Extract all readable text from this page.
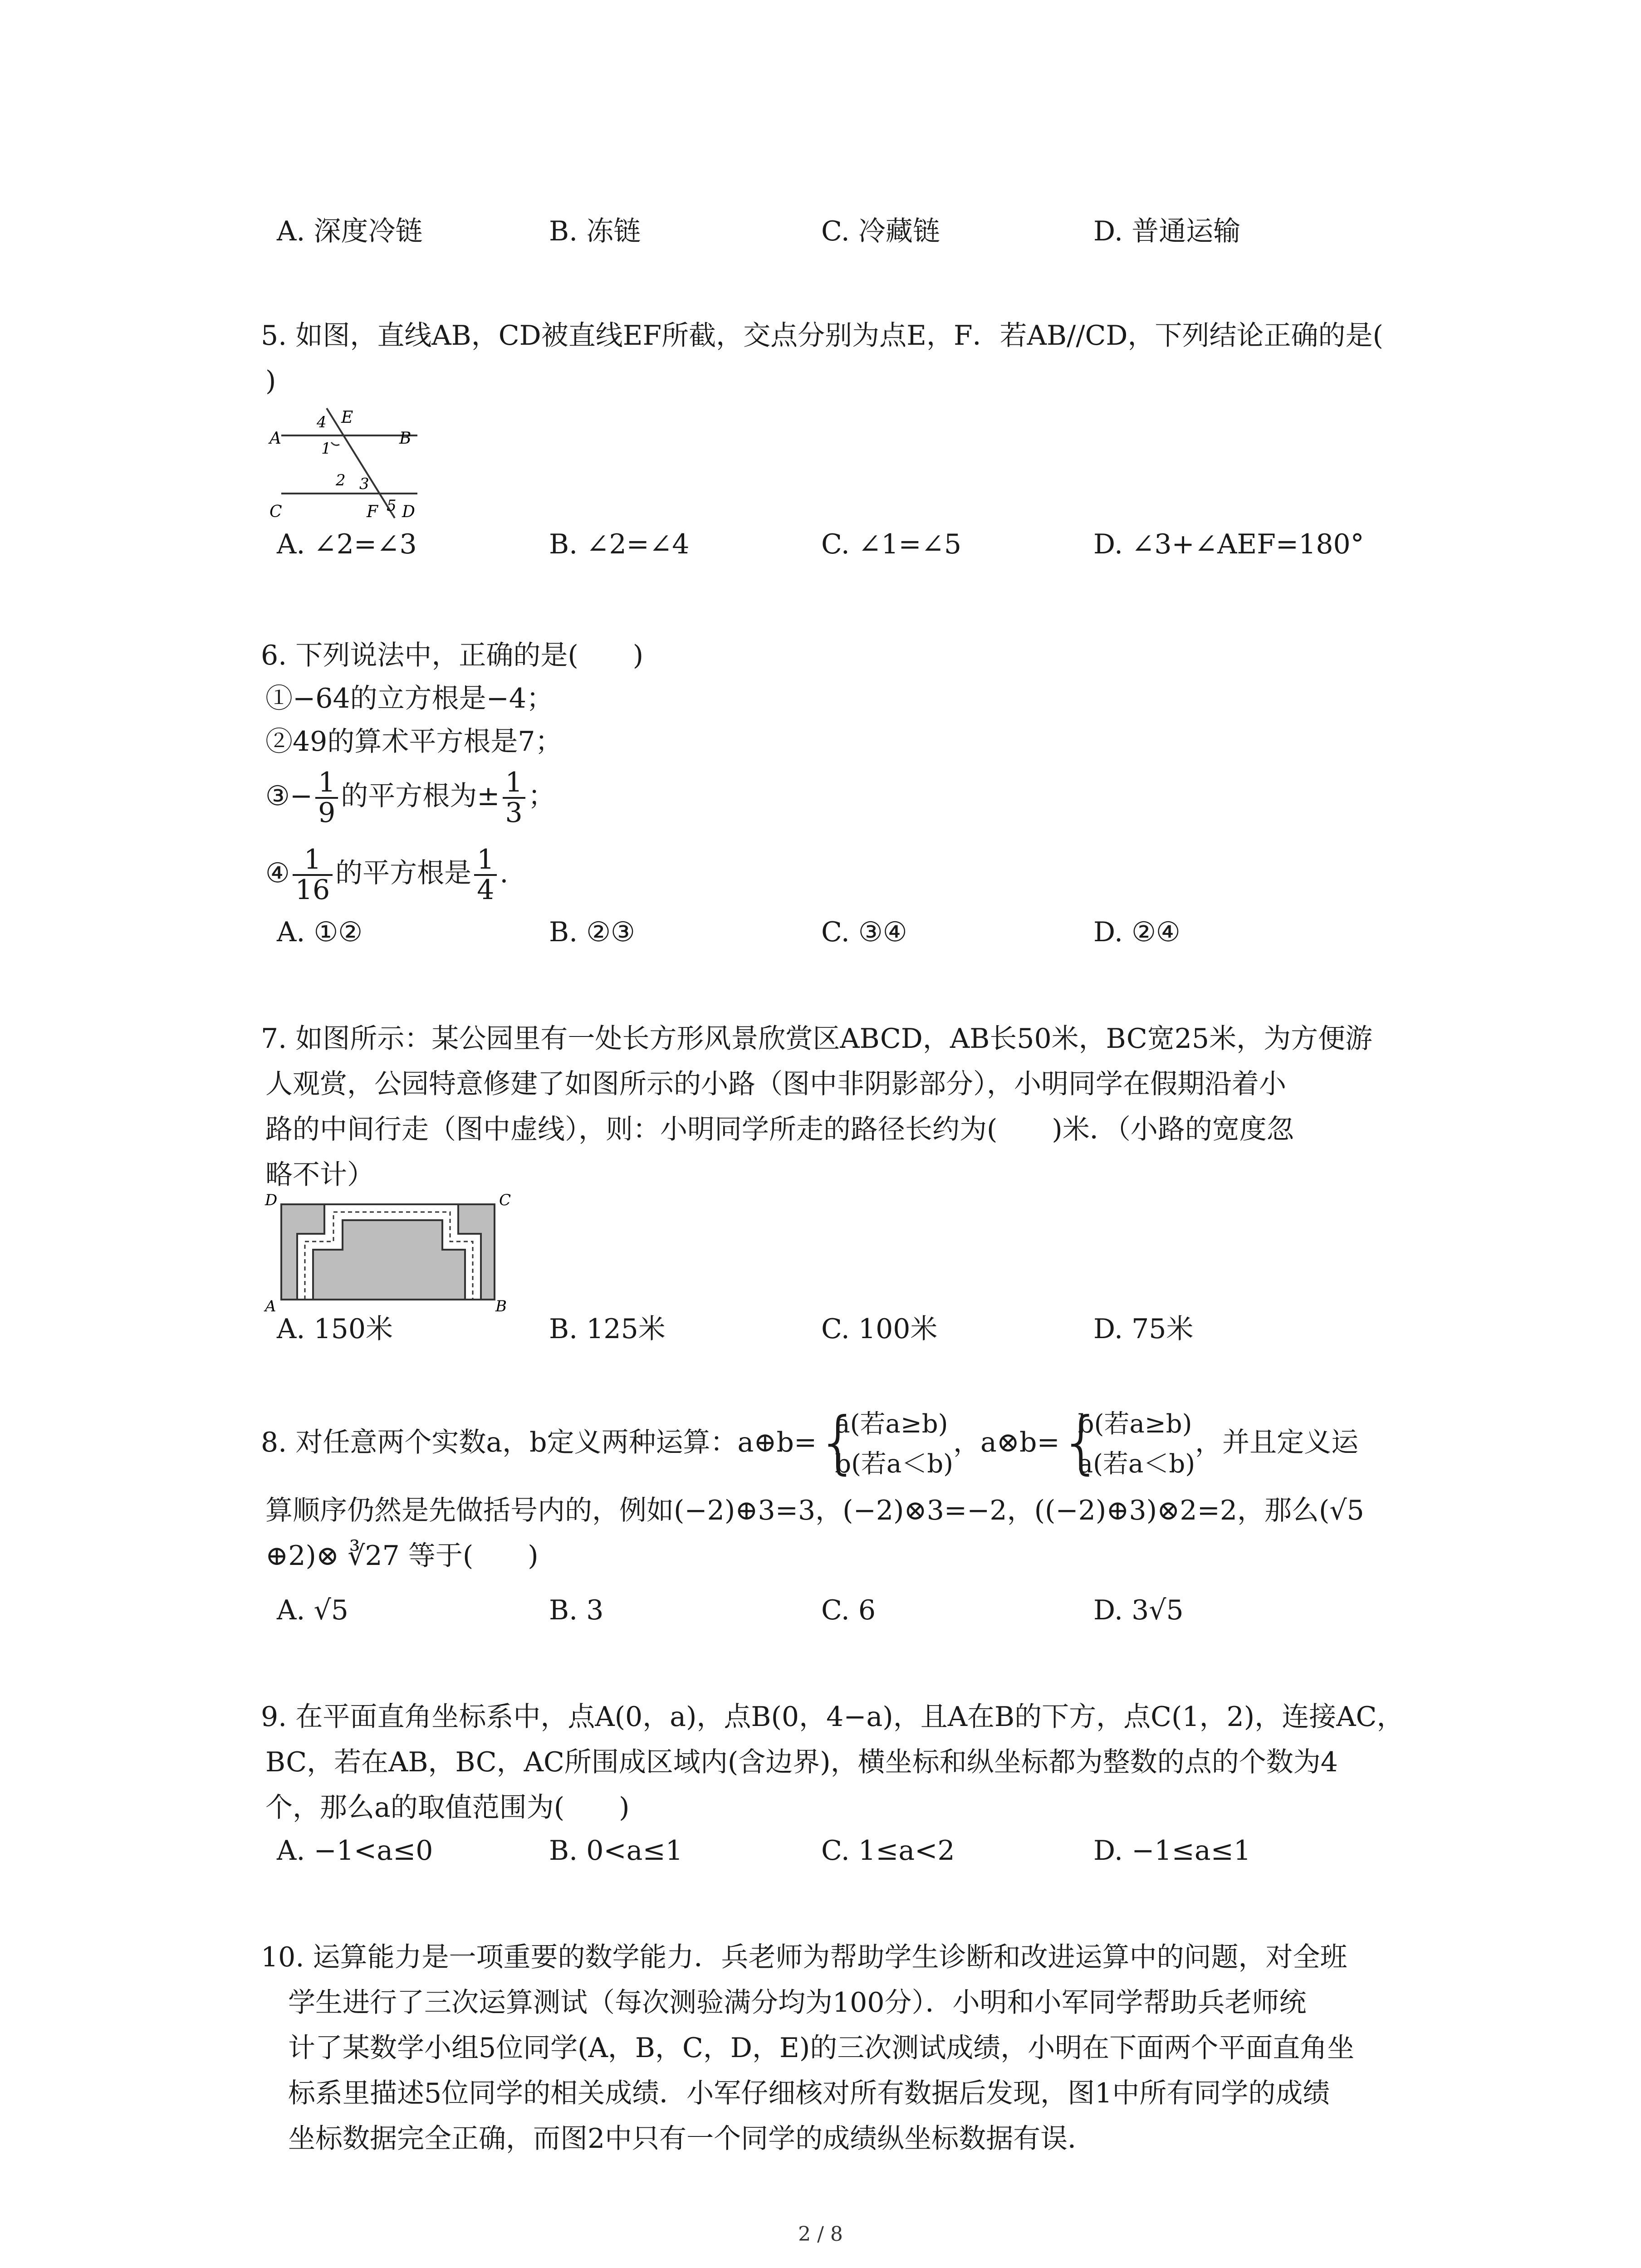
A. 深度冷链	B. 冻链	C. 冷藏链	D. 普通运输
5. 如图，直线AB，CD被直线EF所截，交点分别为点E，F．若AB//CD，下列结论正确的是(
)
4 E
A
1
B
2 3
C	F 5 D
A. ∠2=∠3	B. ∠2=∠4	C. ∠1=∠5	D. ∠3+∠AEF=180°
6. 下列说法中，正确的是(　　)
①−64的立方根是−4；
②49的算术平方根是7；
③− $\frac{1}{9}$ 的平方根为± $\frac{1}{3}$ ；
④ $\frac{1}{16}$ 的平方根是 $\frac{1}{4}$ .
A. ①②	B. ②③	C. ③④	D. ②④
7. 如图所示：某公园里有一处长方形风景欣赏区ABCD，AB长50米，BC宽25米，为方便游
人观赏，公园特意修建了如图所示的小路（图中非阴影部分），小明同学在假期沿着小
路的中间行走（图中虚线），则：小明同学所走的路径长约为(　　)米．（小路的宽度忽
略不计）
D	C
A	B
A. 150米	B. 125米	C. 100米	D. 75米
8. 对任意两个实数a，b定义两种运算：a⊕b= {
a(若a≥b)
b(若a＜b)
，a⊗b= {
b(若a≥b)
a(若a＜b)
，并且定义运
算顺序仍然是先做括号内的，例如(−2)⊕3=3，(−2)⊗3=−2，((−2)⊕3)⊗2=2，那么(√5
⊕2)⊗ ∛27 等于(　　)
A. √5	B. 3	C. 6	D. 3√5
9. 在平面直角坐标系中，点A(0，a)，点B(0，4−a)，且A在B的下方，点C(1，2)，连接AC，
BC，若在AB，BC，AC所围成区域内(含边界)，横坐标和纵坐标都为整数的点的个数为4
个，那么a的取值范围为(　　)
A. −1<a≤0	B. 0<a≤1	C. 1≤a<2	D. −1≤a≤1
10. 运算能力是一项重要的数学能力．兵老师为帮助学生诊断和改进运算中的问题，对全班
学生进行了三次运算测试（每次测验满分均为100分）．小明和小军同学帮助兵老师统
计了某数学小组5位同学(A，B，C，D，E)的三次测试成绩，小明在下面两个平面直角坐
标系里描述5位同学的相关成绩．小军仔细核对所有数据后发现，图1中所有同学的成绩
坐标数据完全正确，而图2中只有一个同学的成绩纵坐标数据有误．
2 / 8
